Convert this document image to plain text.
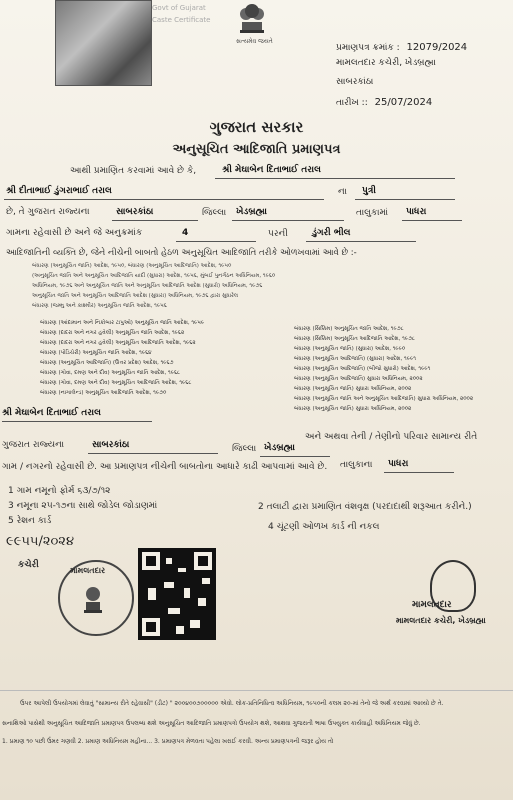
Govt of Gujarat
Caste Certificate
સત્યમેવ જયતે
પ્રમાણપત્ર ક્રમાંક : 12079/2024
મામલતદાર કચેરી, ખેડબ્રહ્મા
સાબરકાંઠા
તારીખ :: 25/07/2024
ગુજરાત સરકાર
અનુસૂચિત આદિજાતિ પ્રમાણપત્ર
આથી પ્રમાણિત કરવામાં આવે છે કે,	શ્રી મેઘાબેન દિતાભાઈ તરાલ
શ્રી દીતાભાઈ ડુંગરાભાઈ તરાલ	ના પુત્રી
છે, તે ગુજરાત રાજ્યના	સાબરકાંઠા	જિલ્લા ખેડબ્રહ્મા	તાલુકામાં પાધરા
ગામના રહેવાસી છે અને જે અનુક્રમાંક	4	પરની	ડુંગરી ભીલ
આદિજાતિની વ્યક્તિ છે, જેને નીચેની બાબતો હેઠળ અનુસૂચિત આદિજાતિ તરીકે ઓળખવામાં આવે છે :-
બંધારણ (અનુસૂચિત જાતિ) આદેશ, ૧૯૫૦, બંધારણ (અનુસૂચિત આદિજાતિ) આદેશ, ૧૯૫૦
(અનુસૂચિત જાતિ અને અનુસૂચિત આદિજાતિ યાદી (સુધારા) આદેશ, ૧૯૫૬, મુંબઈ પુનર્ગઠન અધિનિયમ, ૧૯૬૦
અધિનિયમ, ૧૯૭૬ અને અનુસૂચિત જાતિ અને અનુસૂચિત આદિજાતિ આદેશ (સુધારો) અધિનિયમ, ૧૯૭૬
અનુસૂચિત જાતિ અને અનુસૂચિત આદિજાતિ આદેશ (સુધારા) અધિનિયમ, ૧૯૭૬ દ્વારા સુધારેલ
બંધારણ (જમ્મુ અને કાશ્મીર) અનુસૂચિત જાતિ આદેશ, ૧૯૫૬
બંધારણ (આંદામાન અને નિકોબાર ટાપુઓ) અનુસૂચિત જાતિ આદેશ, ૧૯૫૯
બંધારણ (દાદરા અને નગર હવેલી) અનુસૂચિત જાતિ આદેશ, ૧૯૬૨
બંધારણ (દાદરા અને નગર હવેલી) અનુસૂચિત આદિજાતિ આદેશ, ૧૯૬૨
બંધારણ (પોંડિચેરી) અનુસૂચિત જાતિ આદેશ, ૧૯૬૪
બંધારણ (અનુસૂચિત આદિજાતિ) (ઉત્તર પ્રદેશ) આદેશ, ૧૯૬૭
બંધારણ (ગોવા, દમણ અને દીવ) અનુસૂચિત જાતિ આદેશ, ૧૯૬૮
બંધારણ (ગોવા, દમણ અને દીવ) અનુસૂચિત આદિજાતિ આદેશ, ૧૯૬૮
બંધારણ (નાગાલેન્ડ) અનુસૂચિત આદિજાતિ આદેશ, ૧૯૭૦
બંધારણ (સિક્કિમ) અનુસૂચિત જાતિ આદેશ, ૧૯૭૮
બંધારણ (સિક્કિમ) અનુસૂચિત આદિજાતિ આદેશ, ૧૯૭૮
બંધારણ (અનુસૂચિત જાતિ) (સુધારા) આદેશ, ૧૯૯૦
બંધારણ (અનુસૂચિત આદિજાતિ) (સુધારા) આદેશ, ૧૯૯૧
બંધારણ (અનુસૂચિત આદિજાતિ) (બીજો સુધારો) આદેશ, ૧૯૯૧
બંધારણ (અનુસૂચિત આદિજાતિ) સુધારા અધિનિયમ, ૨૦૦૨
બંધારણ (અનુસૂચિત જાતિ) સુધારા અધિનિયમ, ૨૦૦૨
બંધારણ (અનુસૂચિત જાતિ અને અનુસૂચિત આદિજાતિ) સુધારા અધિનિયમ, ૨૦૦૨
બંધારણ (અનુસૂચિત જાતિ) સુધારા અધિનિયમ, ૨૦૦૨
શ્રી મેઘાબેન દિતાભાઈ તરાલ
અને અથવા તેની / તેણીનો પરિવાર સામાન્ય રીતે
ગુજરાત રાજ્યના	સાબરકાંઠા	જિલ્લા ખેડબ્રહ્મા
તાલુકાના પાધરા
ગામ / નગરનો રહેવાસી છે. આ પ્રમાણપત્ર નીચેની બાબતોના આધારે કાઢી આપવામાં આવે છે.
1 ગામ નમૂનો ફોર્મ ૬૩/૭/૧૨
2 તલાટી દ્વારા પ્રમાણિત વંશવૃક્ષ (પરદાદાથી શરૂઆત કરીને.)
3 નમૂના ૨૫-૧૭ના સાથે જોડેલ જોડાણમાં
4 ચૂંટણી ઓળખ કાર્ડ ની નકલ
5 રેશન કાર્ડ
૯૯૫૫/૨૦૨૪
કચેરી
મામલતદાર
મામલતદાર
મામલતદાર કચેરી, ખેડબ્રહ્મા
ઉપર આપેલી ઉપયોગમાં લેવાતું "સામાન્ય રીતે રહેવાસી" (ડીટ) " ૨૦૦૪૦૦૭૦૦૦૦૦ એવો. લોક-પ્રતિનિધિત્વ અધિનિયમ, ૧૯૫૦ની કલમ ૨૦-માં તેનો જે અર્થ કરવામાં આવ્યો છે તે.
સનાથિઓ પાસેથી અનુસૂચિત આદિજાતિ પ્રમાણપત્ર ઉપલબ્ધ થશે અનુસૂચિત આદિજાતિ પ્રમાણપત્રો ઉપયોગ થશે, આથવા ગુજરાતી ભાષા ઉપયુક્ત કાર્યવાહી અધિનિયમ જેવું છે.
1. પ્રમાણ ૧૦ પછી ઉંમર ગણવી 2. પ્રમાણ અધિનિયમ મહીના... 3. પ્રમાણપત્ર મેળવતા પહેલા ખરાઈ કરવી. અન્ય પ્રમાણપત્રની જરૂર હોય તો
